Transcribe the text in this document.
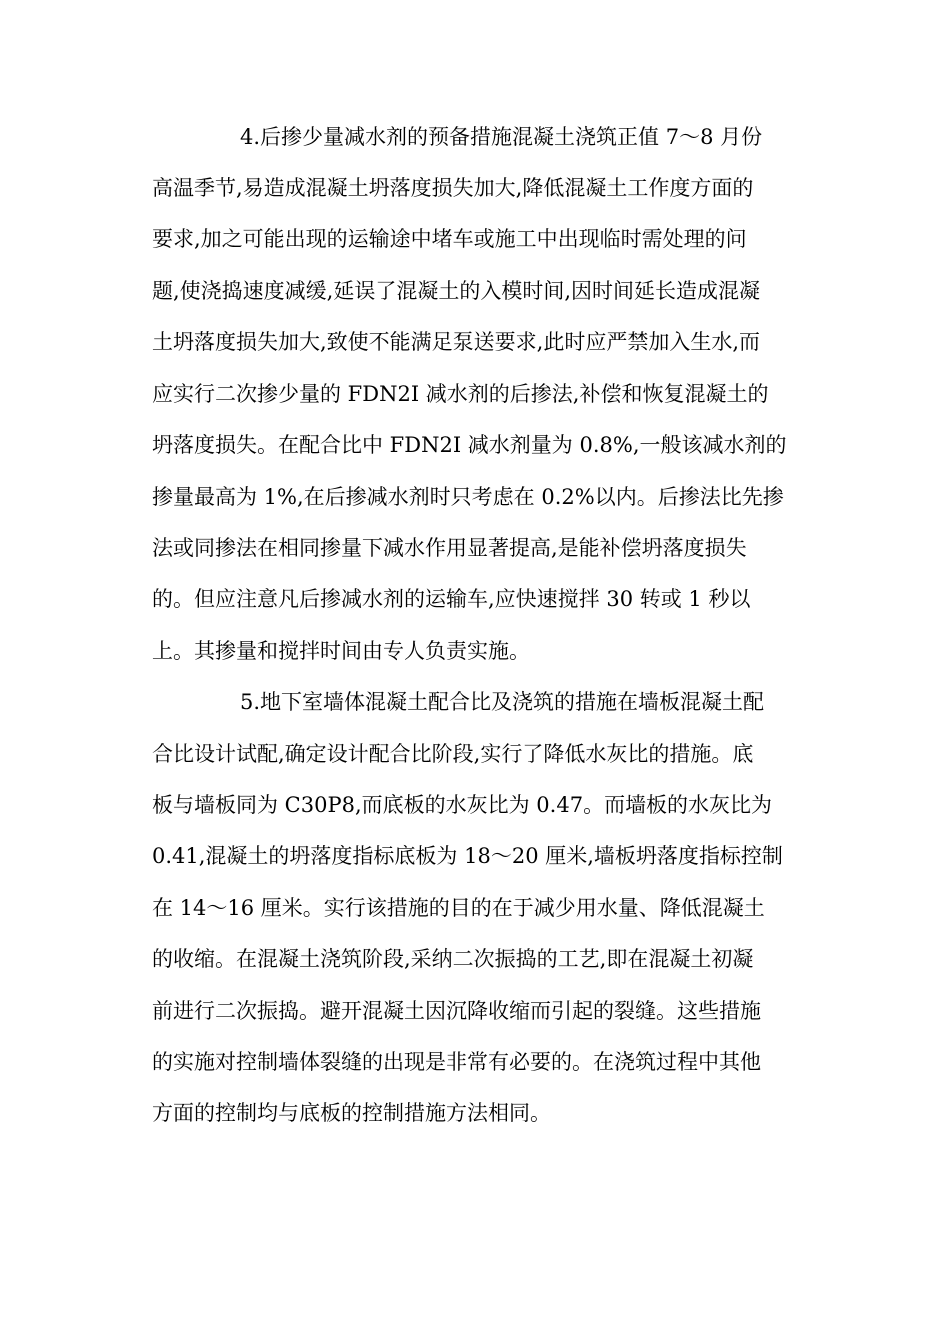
4.后掺少量减水剂的预备措施混凝土浇筑正值 7～8 月份
高温季节,易造成混凝土坍落度损失加大,降低混凝土工作度方面的
要求,加之可能出现的运输途中堵车或施工中出现临时需处理的问
题,使浇捣速度减缓,延误了混凝土的入模时间,因时间延长造成混凝
土坍落度损失加大,致使不能满足泵送要求,此时应严禁加入生水,而
应实行二次掺少量的 FDN2I 减水剂的后掺法,补偿和恢复混凝土的
坍落度损失。在配合比中 FDN2I 减水剂量为 0.8%,一般该减水剂的
掺量最高为 1%,在后掺减水剂时只考虑在 0.2%以内。后掺法比先掺
法或同掺法在相同掺量下减水作用显著提高,是能补偿坍落度损失
的。但应注意凡后掺减水剂的运输车,应快速搅拌 30 转或 1 秒以
上。其掺量和搅拌时间由专人负责实施。
5.地下室墙体混凝土配合比及浇筑的措施在墙板混凝土配
合比设计试配,确定设计配合比阶段,实行了降低水灰比的措施。底
板与墙板同为 C30P8,而底板的水灰比为 0.47。而墙板的水灰比为
0.41,混凝土的坍落度指标底板为 18～20 厘米,墙板坍落度指标控制
在 14～16 厘米。实行该措施的目的在于减少用水量、降低混凝土
的收缩。在混凝土浇筑阶段,采纳二次振捣的工艺,即在混凝土初凝
前进行二次振捣。避开混凝土因沉降收缩而引起的裂缝。这些措施
的实施对控制墙体裂缝的出现是非常有必要的。在浇筑过程中其他
方面的控制均与底板的控制措施方法相同。
